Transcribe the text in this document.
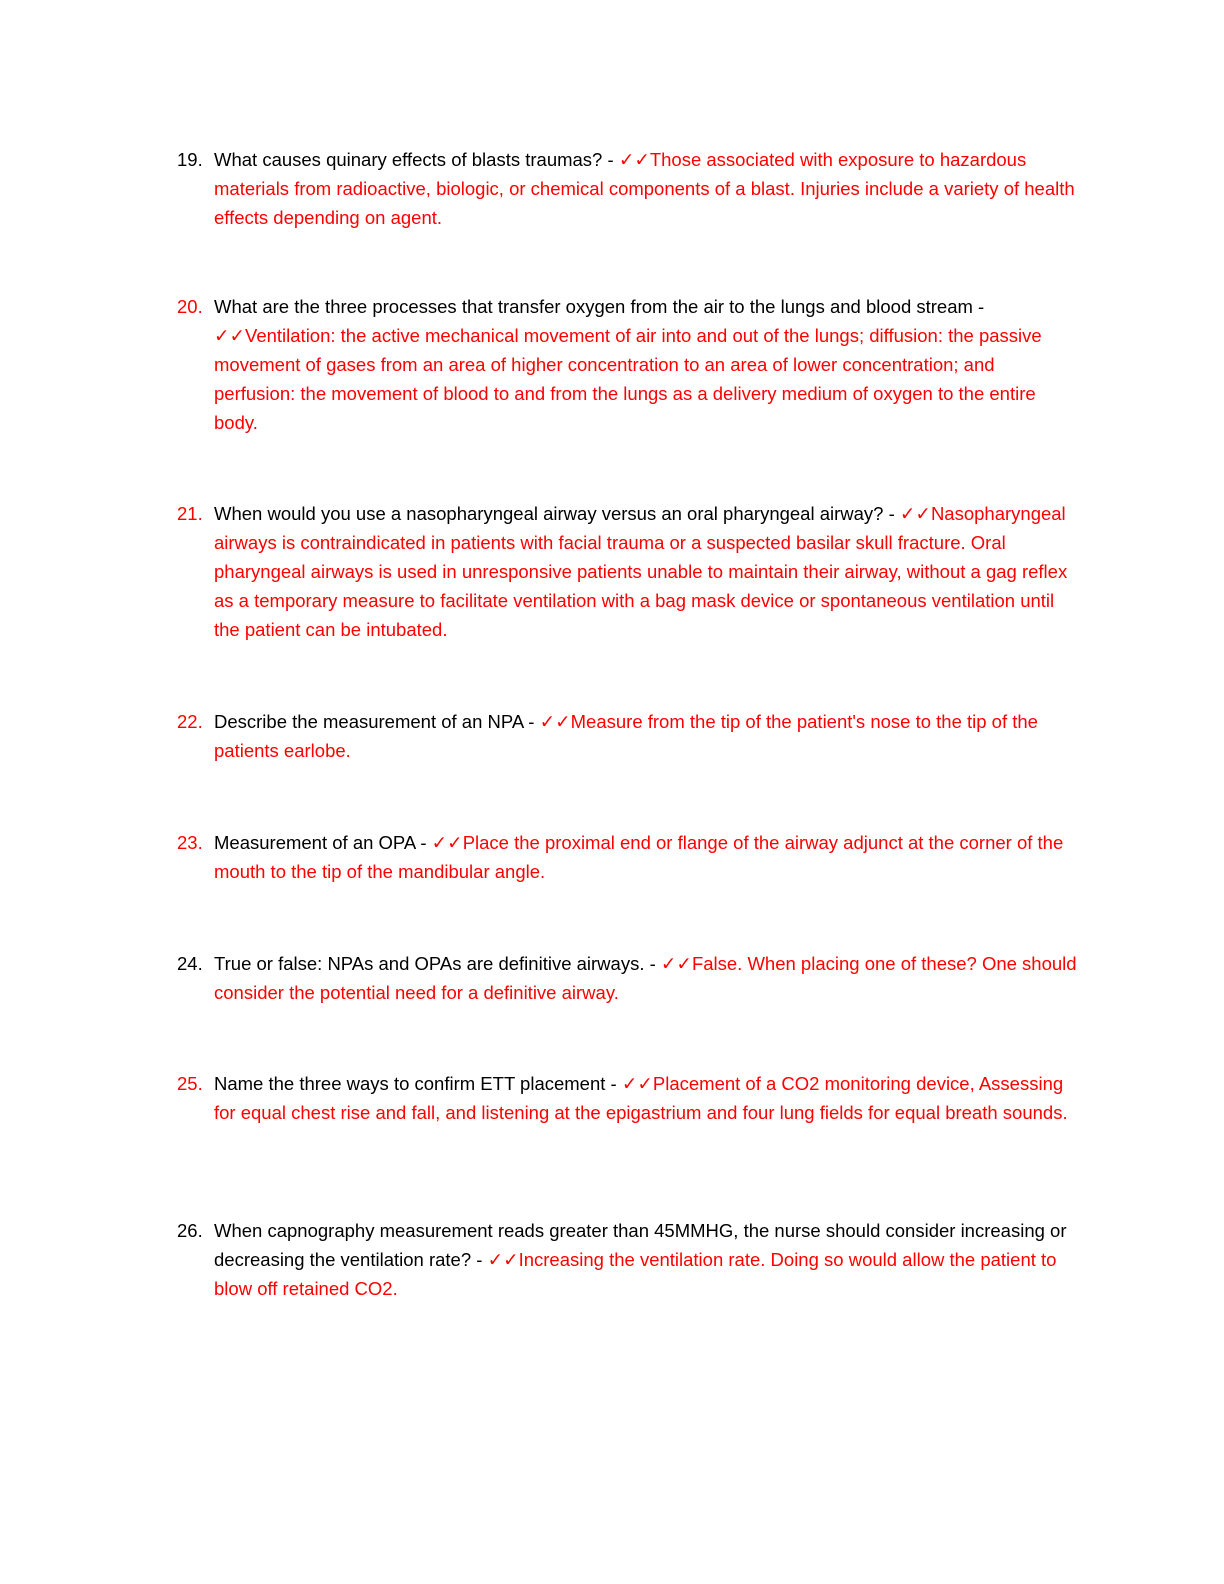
19. What causes quinary effects of blasts traumas? - ✓✓Those associated with exposure to hazardous materials from radioactive, biologic, or chemical components of a blast. Injuries include a variety of health effects depending on agent.
20. What are the three processes that transfer oxygen from the air to the lungs and blood stream - ✓✓Ventilation: the active mechanical movement of air into and out of the lungs; diffusion: the passive movement of gases from an area of higher concentration to an area of lower concentration; and perfusion: the movement of blood to and from the lungs as a delivery medium of oxygen to the entire body.
21. When would you use a nasopharyngeal airway versus an oral pharyngeal airway? - ✓✓Nasopharyngeal airways is contraindicated in patients with facial trauma or a suspected basilar skull fracture. Oral pharyngeal airways is used in unresponsive patients unable to maintain their airway, without a gag reflex as a temporary measure to facilitate ventilation with a bag mask device or spontaneous ventilation until the patient can be intubated.
22. Describe the measurement of an NPA - ✓✓Measure from the tip of the patient's nose to the tip of the patients earlobe.
23. Measurement of an OPA - ✓✓Place the proximal end or flange of the airway adjunct at the corner of the mouth to the tip of the mandibular angle.
24. True or false: NPAs and OPAs are definitive airways. - ✓✓False. When placing one of these? One should consider the potential need for a definitive airway.
25. Name the three ways to confirm ETT placement - ✓✓Placement of a CO2 monitoring device, Assessing for equal chest rise and fall, and listening at the epigastrium and four lung fields for equal breath sounds.
26. When capnography measurement reads greater than 45MMHG, the nurse should consider increasing or decreasing the ventilation rate? - ✓✓Increasing the ventilation rate. Doing so would allow the patient to blow off retained CO2.
